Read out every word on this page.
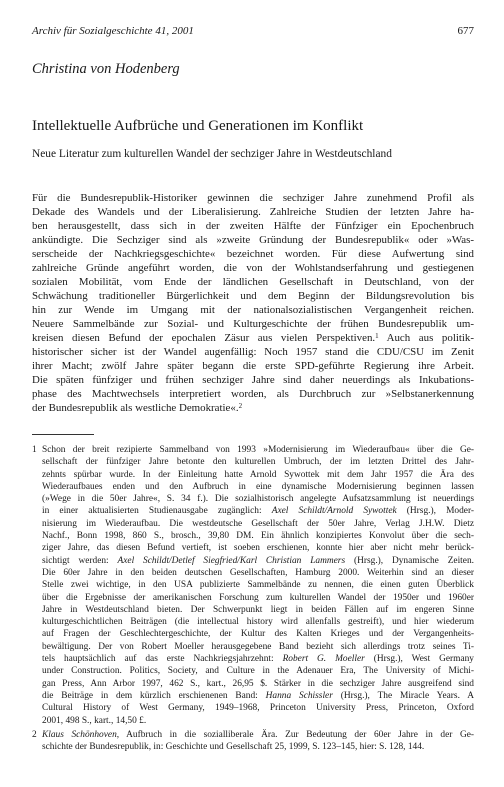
Archiv für Sozialgeschichte 41, 2001	677
Christina von Hodenberg
Intellektuelle Aufbrüche und Generationen im Konflikt
Neue Literatur zum kulturellen Wandel der sechziger Jahre in Westdeutschland
Für die Bundesrepublik-Historiker gewinnen die sechziger Jahre zunehmend Profil als
Dekade des Wandels und der Liberalisierung. Zahlreiche Studien der letzten Jahre ha-
ben herausgestellt, dass sich in der zweiten Hälfte der Fünfziger ein Epochenbruch
ankündigte. Die Sechziger sind als »zweite Gründung der Bundesrepublik« oder »Was-
serscheide der Nachkriegsgeschichte« bezeichnet worden. Für diese Aufwertung sind
zahlreiche Gründe angeführt worden, die von der Wohlstandserfahrung und gestiegenen
sozialen Mobilität, vom Ende der ländlichen Gesellschaft in Deutschland, von der
Schwächung traditioneller Bürgerlichkeit und dem Beginn der Bildungsrevolution bis
hin zur Wende im Umgang mit der nationalsozialistischen Vergangenheit reichen.
Neuere Sammelbände zur Sozial- und Kulturgeschichte der frühen Bundesrepublik um-
kreisen diesen Befund der epochalen Zäsur aus vielen Perspektiven.$^1$ Auch aus politik-
historischer sicher ist der Wandel augenfällig: Noch 1957 stand die CDU/CSU im Zenit
ihrer Macht; zwölf Jahre später begann die erste SPD-geführte Regierung ihre Arbeit.
Die späten fünfziger und frühen sechziger Jahre sind daher neuerdings als Inkubations-
phase des Machtwechsels interpretiert worden, als Durchbruch zur »Selbstanerkennung
der Bundesrepublik als westliche Demokratie«.$^2$
1 Schon der breit rezipierte Sammelband von 1993 »Modernisierung im Wiederaufbau« über die Ge-
sellschaft der fünfziger Jahre betonte den kulturellen Umbruch, der im letzten Drittel des Jahr-
zehnts spürbar wurde. In der Einleitung hatte Arnold Sywottek mit dem Jahr 1957 die Ära des
Wiederaufbaues enden und den Aufbruch in eine dynamische Modernisierung beginnen lassen
(»Wege in die 50er Jahre«, S. 34 f.). Die sozialhistorisch angelegte Aufsatzsammlung ist neuerdings
in einer aktualisierten Studienausgabe zugänglich: Axel Schildt/Arnold Sywottek (Hrsg.), Moder-
nisierung im Wiederaufbau. Die westdeutsche Gesellschaft der 50er Jahre, Verlag J.H.W. Dietz
Nachf., Bonn 1998, 860 S., brosch., 39,80 DM. Ein ähnlich konzipiertes Konvolut über die sech-
ziger Jahre, das diesen Befund vertieft, ist soeben erschienen, konnte hier aber nicht mehr berück-
sichtigt werden: Axel Schildt/Detlef Siegfried/Karl Christian Lammers (Hrsg.), Dynamische Zeiten.
Die 60er Jahre in den beiden deutschen Gesellschaften, Hamburg 2000. Weiterhin sind an dieser
Stelle zwei wichtige, in den USA publizierte Sammelbände zu nennen, die einen guten Überblick
über die Ergebnisse der amerikanischen Forschung zum kulturellen Wandel der 1950er und 1960er
Jahre in Westdeutschland bieten. Der Schwerpunkt liegt in beiden Fällen auf im engeren Sinne
kulturgeschichtlichen Beiträgen (die intellectual history wird allenfalls gestreift), und hier wiederum
auf Fragen der Geschlechtergeschichte, der Kultur des Kalten Krieges und der Vergangenheits-
bewältigung. Der von Robert Moeller herausgegebene Band bezieht sich allerdings trotz seines Ti-
tels hauptsächlich auf das erste Nachkriegsjahrzehnt: Robert G. Moeller (Hrsg.), West Germany
under Construction. Politics, Society, and Culture in the Adenauer Era, The University of Michi-
gan Press, Ann Arbor 1997, 462 S., kart., 26,95 $. Stärker in die sechziger Jahre ausgreifend sind
die Beiträge in dem kürzlich erschienenen Band: Hanna Schissler (Hrsg.), The Miracle Years. A
Cultural History of West Germany, 1949–1968, Princeton University Press, Princeton, Oxford
2001, 498 S., kart., 14,50 £.
2 Klaus Schönhoven, Aufbruch in die sozialliberale Ära. Zur Bedeutung der 60er Jahre in der Ge-
schichte der Bundesrepublik, in: Geschichte und Gesellschaft 25, 1999, S. 123–145, hier: S. 128, 144.
